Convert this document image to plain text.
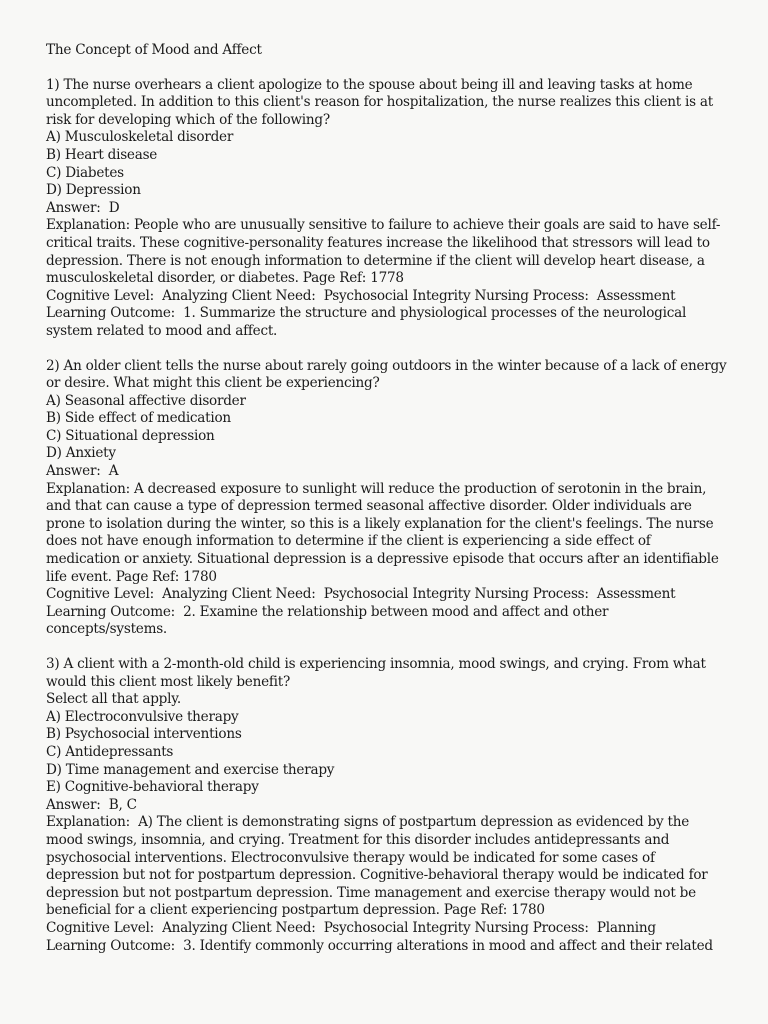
The Concept of Mood and Affect
1) The nurse overhears a client apologize to the spouse about being ill and leaving tasks at home uncompleted. In addition to this client's reason for hospitalization, the nurse realizes this client is at risk for developing which of the following?
A) Musculoskeletal disorder
B) Heart disease
C) Diabetes
D) Depression
Answer:  D
Explanation: People who are unusually sensitive to failure to achieve their goals are said to have self-critical traits. These cognitive-personality features increase the likelihood that stressors will lead to depression. There is not enough information to determine if the client will develop heart disease, a musculoskeletal disorder, or diabetes. Page Ref: 1778
Cognitive Level:  Analyzing Client Need:  Psychosocial Integrity Nursing Process:  Assessment
Learning Outcome:  1. Summarize the structure and physiological processes of the neurological system related to mood and affect.
2) An older client tells the nurse about rarely going outdoors in the winter because of a lack of energy or desire. What might this client be experiencing?
A) Seasonal affective disorder
B) Side effect of medication
C) Situational depression
D) Anxiety
Answer:  A
Explanation: A decreased exposure to sunlight will reduce the production of serotonin in the brain, and that can cause a type of depression termed seasonal affective disorder. Older individuals are prone to isolation during the winter, so this is a likely explanation for the client's feelings. The nurse does not have enough information to determine if the client is experiencing a side effect of medication or anxiety. Situational depression is a depressive episode that occurs after an identifiable life event. Page Ref: 1780
Cognitive Level:  Analyzing Client Need:  Psychosocial Integrity Nursing Process:  Assessment
Learning Outcome:  2. Examine the relationship between mood and affect and other concepts/systems.
3) A client with a 2-month-old child is experiencing insomnia, mood swings, and crying. From what would this client most likely benefit?
Select all that apply.
A) Electroconvulsive therapy
B) Psychosocial interventions
C) Antidepressants
D) Time management and exercise therapy
E) Cognitive-behavioral therapy
Answer:  B, C
Explanation:  A) The client is demonstrating signs of postpartum depression as evidenced by the mood swings, insomnia, and crying. Treatment for this disorder includes antidepressants and psychosocial interventions. Electroconvulsive therapy would be indicated for some cases of depression but not for postpartum depression. Cognitive-behavioral therapy would be indicated for depression but not postpartum depression. Time management and exercise therapy would not be beneficial for a client experiencing postpartum depression. Page Ref: 1780
Cognitive Level:  Analyzing Client Need:  Psychosocial Integrity Nursing Process:  Planning
Learning Outcome:  3. Identify commonly occurring alterations in mood and affect and their related
